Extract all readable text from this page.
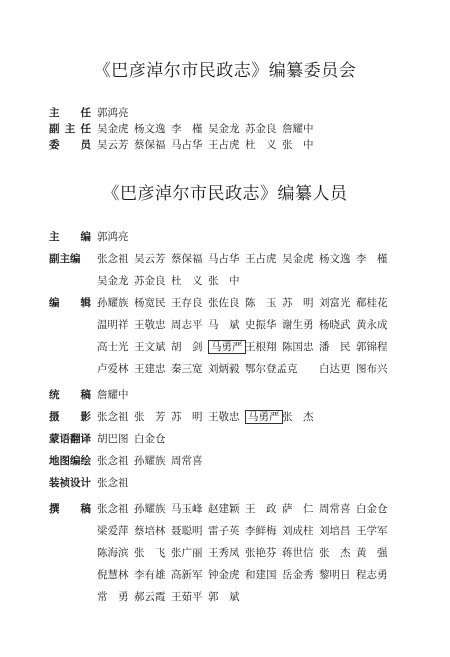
《巴彦淖尔市民政志》编纂委员会
主 任 郭鸿亮
副 主 任 吴金虎 杨文逸 李　槿 吴金龙 苏金良 詹耀中
委 员 吴云芳 蔡保福 马占华 王占虎 杜　义 张　中
《巴彦淖尔市民政志》编纂人员
主 编 郭鸿亮
副主编 张念祖 吴云芳 蔡保福 马占华 王占虎 吴金虎 杨文逸 李　槿
吴金龙 苏金良 杜　义 张　中
编 辑 孙耀族 杨宽民 王存良 张佐良 陈　玉 苏　明 刘富光 郗桂花
温明祥 王敬忠 周志平 马　斌 史振华 谢生勇 杨晓武 黄永成
高士光 王文斌 胡　剑 马勇严 王根翔 陈国忠 潘　民 郭锦程
卢爱林 王建忠 秦三宽 刘炳毅 鄂尔登孟克	白达更 图布兴
统 稿 詹耀中
摄 影 张念祖 张　芳 苏　明 王敬忠 马勇严 张　杰
蒙语翻译 胡巴图 白金仓
地图编绘 张念祖 孙耀族 周常喜
装祯设计 张念祖
撰 稿 张念祖 孙耀族 马玉峰 赵建颖 王　政 萨　仁 周常喜 白金仓
梁爱萍 蔡培林 聂聪明 雷子英 李鲜梅 刘成柱 刘培昌 王学军
陈海滨 张　飞 张广丽 王秀凤 张艳芬 蒋世信 张　杰 黄　强
倪慧林 李有雄 高新军 钟金虎 和建国 岳金秀 黎明日 程志勇
常　勇 郝云霞 王茹平 郭　斌
